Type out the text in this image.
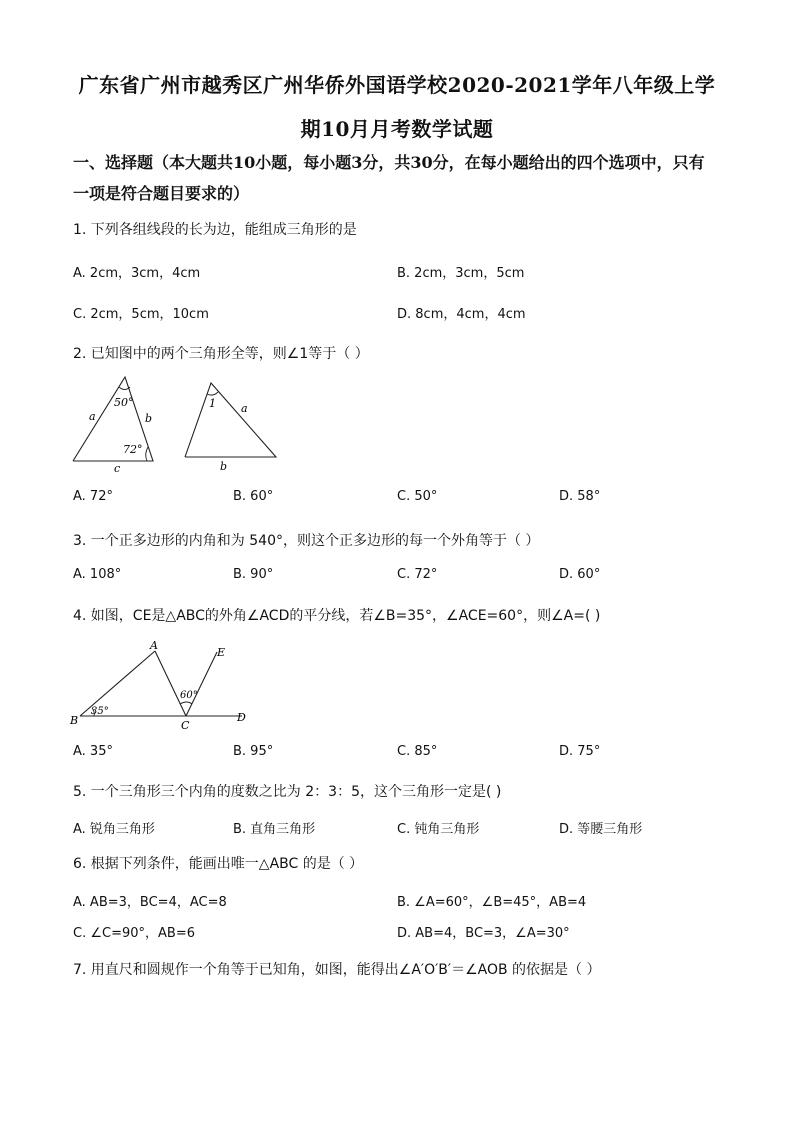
广东省广州市越秀区广州华侨外国语学校2020-2021学年八年级上学
期10月月考数学试题
一、选择题（本大题共10小题，每小题3分，共30分，在每小题给出的四个选项中，只有
一项是符合题目要求的）
1. 下列各组线段的长为边，能组成三角形的是
A. 2cm，3cm，4cm	B. 2cm，3cm，5cm
C. 2cm，5cm，10cm	D. 8cm，4cm，4cm
2. 已知图中的两个三角形全等，则∠1等于（ ）
a	b
c
50°
72°
1 a
b
A. 72°	B. 60°	C. 50°	D. 58°
3. 一个正多边形的内角和为 540°，则这个正多边形的每一个外角等于（ ）
A. 108°	B. 90°	C. 72°	D. 60°
4. 如图，CE是△ABC的外角∠ACD的平分线，若∠B=35°，∠ACE=60°，则∠A=( )
A
B	C
D
E
35°
60°
A. 35°	B. 95°	C. 85°	D. 75°
5. 一个三角形三个内角的度数之比为 2：3：5，这个三角形一定是( )
A. 锐角三角形	B. 直角三角形	C. 钝角三角形	D. 等腰三角形
6. 根据下列条件，能画出唯一△ABC 的是（ ）
A. AB=3，BC=4，AC=8	B. ∠A=60°，∠B=45°，AB=4
C. ∠C=90°，AB=6	D. AB=4，BC=3，∠A=30°
7. 用直尺和圆规作一个角等于已知角，如图，能得出∠A′O′B′＝∠AOB 的依据是（ ）
